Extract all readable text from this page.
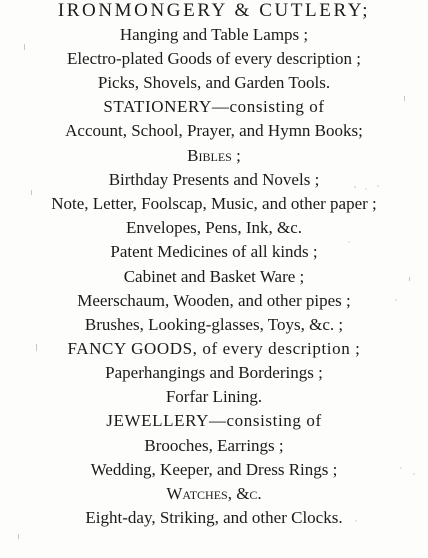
IRONMONGERY & CUTLERY;
Hanging and Table Lamps ;
Electro-plated Goods of every description ;
Picks, Shovels, and Garden Tools.
STATIONERY—consisting of
Account, School, Prayer, and Hymn Books;
Bibles ;
Birthday Presents and Novels ;
Note, Letter, Foolscap, Music, and other paper ;
Envelopes, Pens, Ink, &c.
Patent Medicines of all kinds ;
Cabinet and Basket Ware ;
Meerschaum, Wooden, and other pipes ;
Brushes, Looking-glasses, Toys, &c. ;
FANCY GOODS, of every description ;
Paperhangings and Borderings ;
Forfar Lining.
JEWELLERY—consisting of
Brooches, Earrings ;
Wedding, Keeper, and Dress Rings ;
Watches, &c.
Eight-day, Striking, and other Clocks.
